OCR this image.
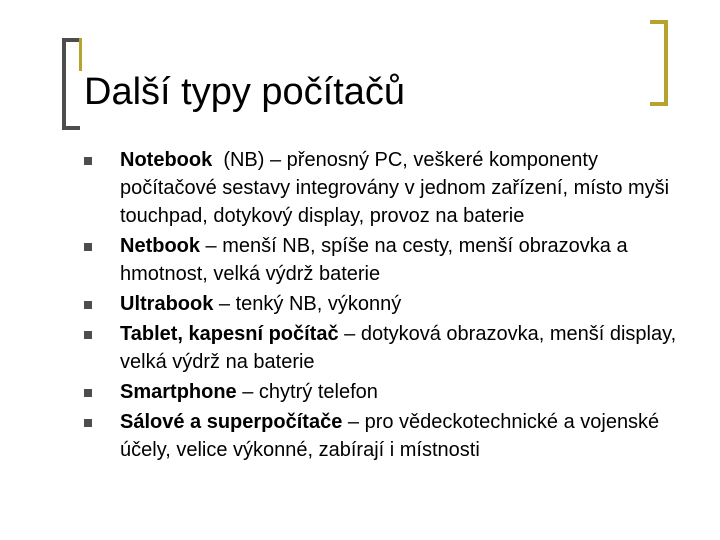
Další typy počítačů
Notebook  (NB) – přenosný PC, veškeré komponenty počítačové sestavy integrovány v jednom zařízení, místo myši touchpad, dotykový display, provoz na baterie
Netbook – menší NB, spíše na cesty, menší obrazovka a hmotnost, velká výdrž baterie
Ultrabook – tenký NB, výkonný
Tablet, kapesní počítač – dotyková obrazovka, menší display, velká výdrž na baterie
Smartphone – chytrý telefon
Sálové a superpočítače – pro vědeckotechnické a vojenské účely, velice výkonné, zabírají i místnosti
